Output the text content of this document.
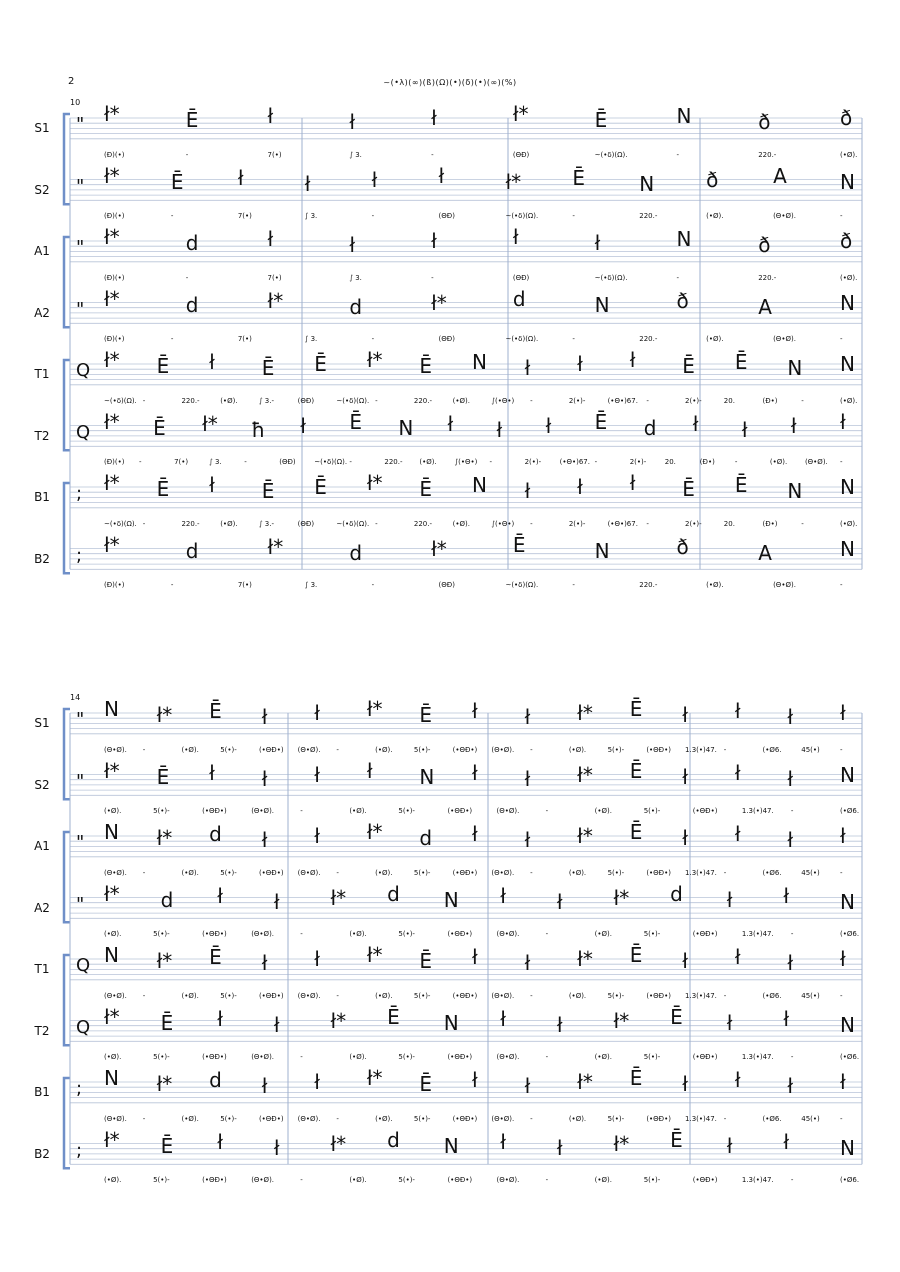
2	~(•λ)(∞)(ß)(Ω)(•)(δ)(•)(∞)(%)
10
S1	" ł*	Ē	ł	ł	ł	ł*	Ē	N	ð	ð
(Ð)(•)	-	7(•)	∫ 3.	-	(ΘÐ)	~(•δ)(Ω).	-	220.-	(•Ø).
S2	" ł*	Ē	ł	ł	ł	ł	ł*	Ē	N	ð	A	N
(Ð)(•)	-	7(•)	∫ 3.	-	(ΘÐ)	~(•δ)(Ω).	-	220.-	(•Ø).	(Θ•Ø).	-
A1	" ł*	d	ł	ł	ł	ł	ł	N	ð	ð
(Ð)(•)	-	7(•)	∫ 3.	-	(ΘÐ)	~(•δ)(Ω).	-	220.-	(•Ø).
A2	" ł*	d	ł*	d	ł*	d	N	ð	A	N
(Ð)(•)	-	7(•)	∫ 3.	-	(ΘÐ)	~(•δ)(Ω).	-	220.-	(•Ø).	(Θ•Ø).	-
T1	Q ł* Ē ł Ē Ē ł* Ē N ł ł ł Ē Ē N N
~(•δ)(Ω). -	220.-	(•Ø).	∫ 3.-	(ΘÐ)	~(•δ)(Ω). -	220.-	(•Ø).	∫(•Θ•) -	2(•)-	(•Θ•)67. -	2(•)-	20.	(Ð•)	-	(•Ø).
T2	Q ł* Ē ł* ħ ł Ē N ł ł ł Ē d ł ł ł ł
(Ð)(•) -	7(•)	∫ 3.	-	(ΘÐ)	~(•δ)(Ω). -	220.- (•Ø).	∫(•Θ•) -	2(•)-	(•Θ•)67. -	2(•)-	20.	(Ð•)	-	(•Ø).	(Θ•Ø). -
B1	; ł* Ē ł Ē Ē ł* Ē N ł ł ł Ē Ē N N
~(•δ)(Ω). -	220.-	(•Ø).	∫ 3.-	(ΘÐ)	~(•δ)(Ω). -	220.-	(•Ø).	∫(•Θ•) -	2(•)-	(•Θ•)67. -	2(•)-	20.	(Ð•)	-	(•Ø).
B2	; ł*	d	ł*	d	ł*	Ē	N	ð	A	N
(Ð)(•)	-	7(•)	∫ 3.	-	(ΘÐ)	~(•δ)(Ω).	-	220.-	(•Ø).	(Θ•Ø).	-
14
S1	" N ł* Ē ł ł ł* Ē ł ł ł* Ē ł ł ł ł
(Θ•Ø). -	(•Ø).	5(•)-	(•ΘÐ•) (Θ•Ø). -	(•Ø).	5(•)-	(•ΘÐ•) (Θ•Ø). -	(•Ø).	5(•)-	(•ΘÐ•) 1.3(•)47. -	(•Ø6.	45(•)	-
S2	" ł* Ē ł ł ł ł N ł ł ł* Ē ł ł ł N
(•Ø).	5(•)-	(•ΘÐ•)	(Θ•Ø).	-	(•Ø).	5(•)-	(•ΘÐ•)	(Θ•Ø).	-	(•Ø).	5(•)-	(•ΘÐ•)	1.3(•)47. -	(•Ø6.
A1	" N ł* d ł ł ł* d ł ł ł* Ē ł ł ł ł
(Θ•Ø). -	(•Ø).	5(•)-	(•ΘÐ•) (Θ•Ø). -	(•Ø).	5(•)-	(•ΘÐ•) (Θ•Ø). -	(•Ø).	5(•)-	(•ΘÐ•) 1.3(•)47. -	(•Ø6.	45(•)	-
A2	" ł* d ł	ł	ł* d N ł	ł	ł* d ł	ł	N
(•Ø).	5(•)-	(•ΘÐ•)	(Θ•Ø).	-	(•Ø).	5(•)-	(•ΘÐ•)	(Θ•Ø).	-	(•Ø).	5(•)-	(•ΘÐ•)	1.3(•)47. -	(•Ø6.
T1	Q N ł* Ē ł ł ł* Ē ł ł ł* Ē ł ł ł ł
(Θ•Ø). -	(•Ø).	5(•)-	(•ΘÐ•) (Θ•Ø). -	(•Ø).	5(•)-	(•ΘÐ•) (Θ•Ø). -	(•Ø).	5(•)-	(•ΘÐ•) 1.3(•)47. -	(•Ø6.	45(•)	-
T2	Q ł* Ē ł	ł	ł* Ē N ł	ł	ł* Ē ł	ł	N
(•Ø).	5(•)-	(•ΘÐ•)	(Θ•Ø).	-	(•Ø).	5(•)-	(•ΘÐ•)	(Θ•Ø).	-	(•Ø).	5(•)-	(•ΘÐ•)	1.3(•)47. -	(•Ø6.
B1	; N ł* d ł ł ł* Ē ł ł ł* Ē ł ł ł ł
(Θ•Ø). -	(•Ø).	5(•)-	(•ΘÐ•) (Θ•Ø). -	(•Ø).	5(•)-	(•ΘÐ•) (Θ•Ø). -	(•Ø).	5(•)-	(•ΘÐ•) 1.3(•)47. -	(•Ø6.	45(•)	-
B2	; ł* Ē ł	ł	ł* d N ł	ł	ł* Ē ł	ł	N
(•Ø).	5(•)-	(•ΘÐ•)	(Θ•Ø).	-	(•Ø).	5(•)-	(•ΘÐ•)	(Θ•Ø).	-	(•Ø).	5(•)-	(•ΘÐ•)	1.3(•)47. -	(•Ø6.
